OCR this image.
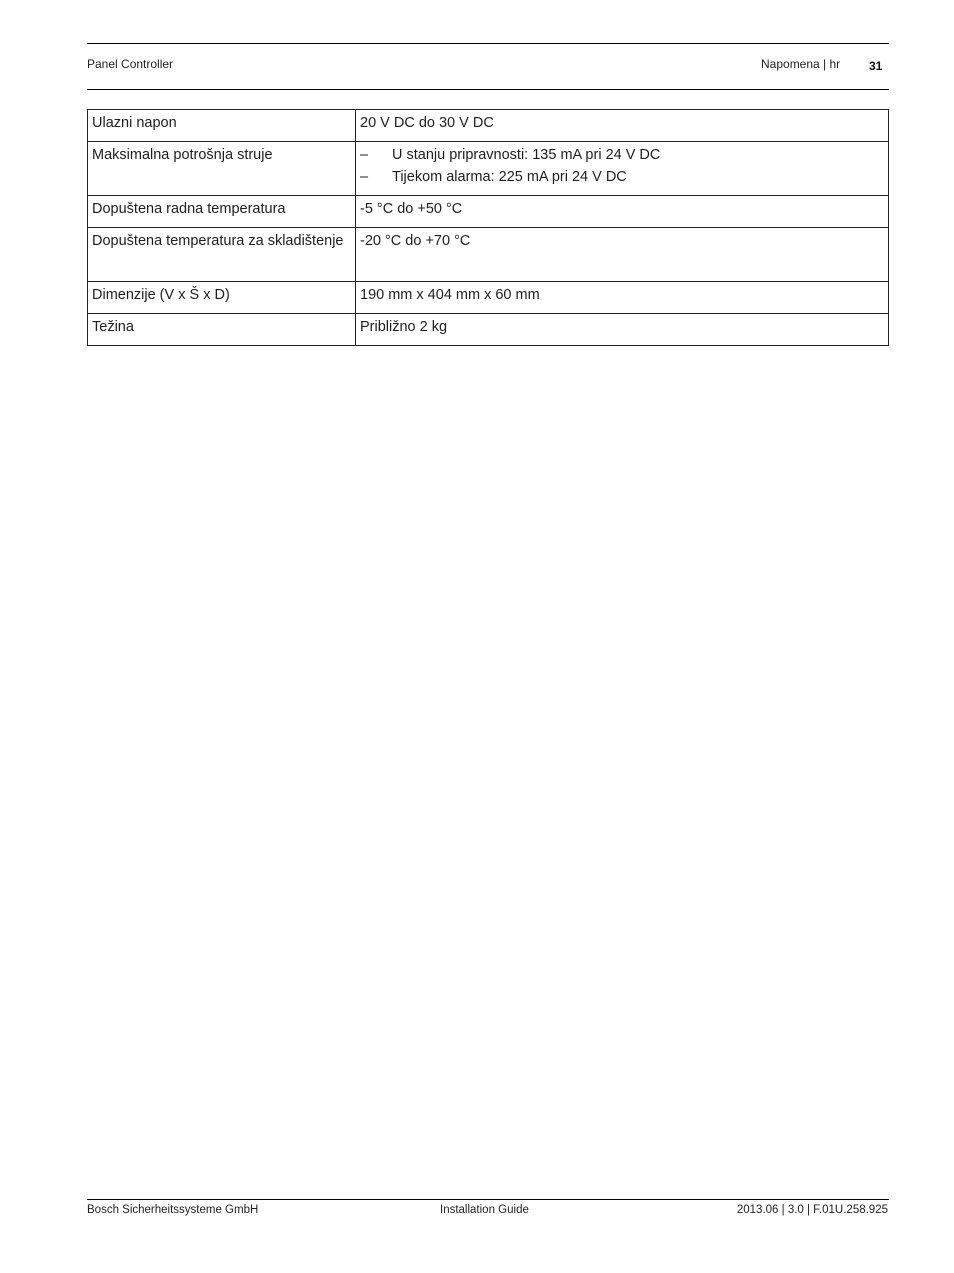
Panel Controller	Napomena | hr 31
Ulazni napon	20 V DC do 30 V DC
Maksimalna potrošnja struje	– U stanju pripravnosti: 135 mA pri 24 V DC
– Tijekom alarma: 225 mA pri 24 V DC

Dopuštena radna temperatura	-5 °C do +50 °C
Dopuštena temperatura za skladištenje	-20 °C do +70 °C
Dimenzije (V x Š x D)	190 mm x 404 mm x 60 mm
Težina	Približno 2 kg
Bosch Sicherheitssysteme GmbH	Installation Guide	2013.06 | 3.0 | F.01U.258.925
